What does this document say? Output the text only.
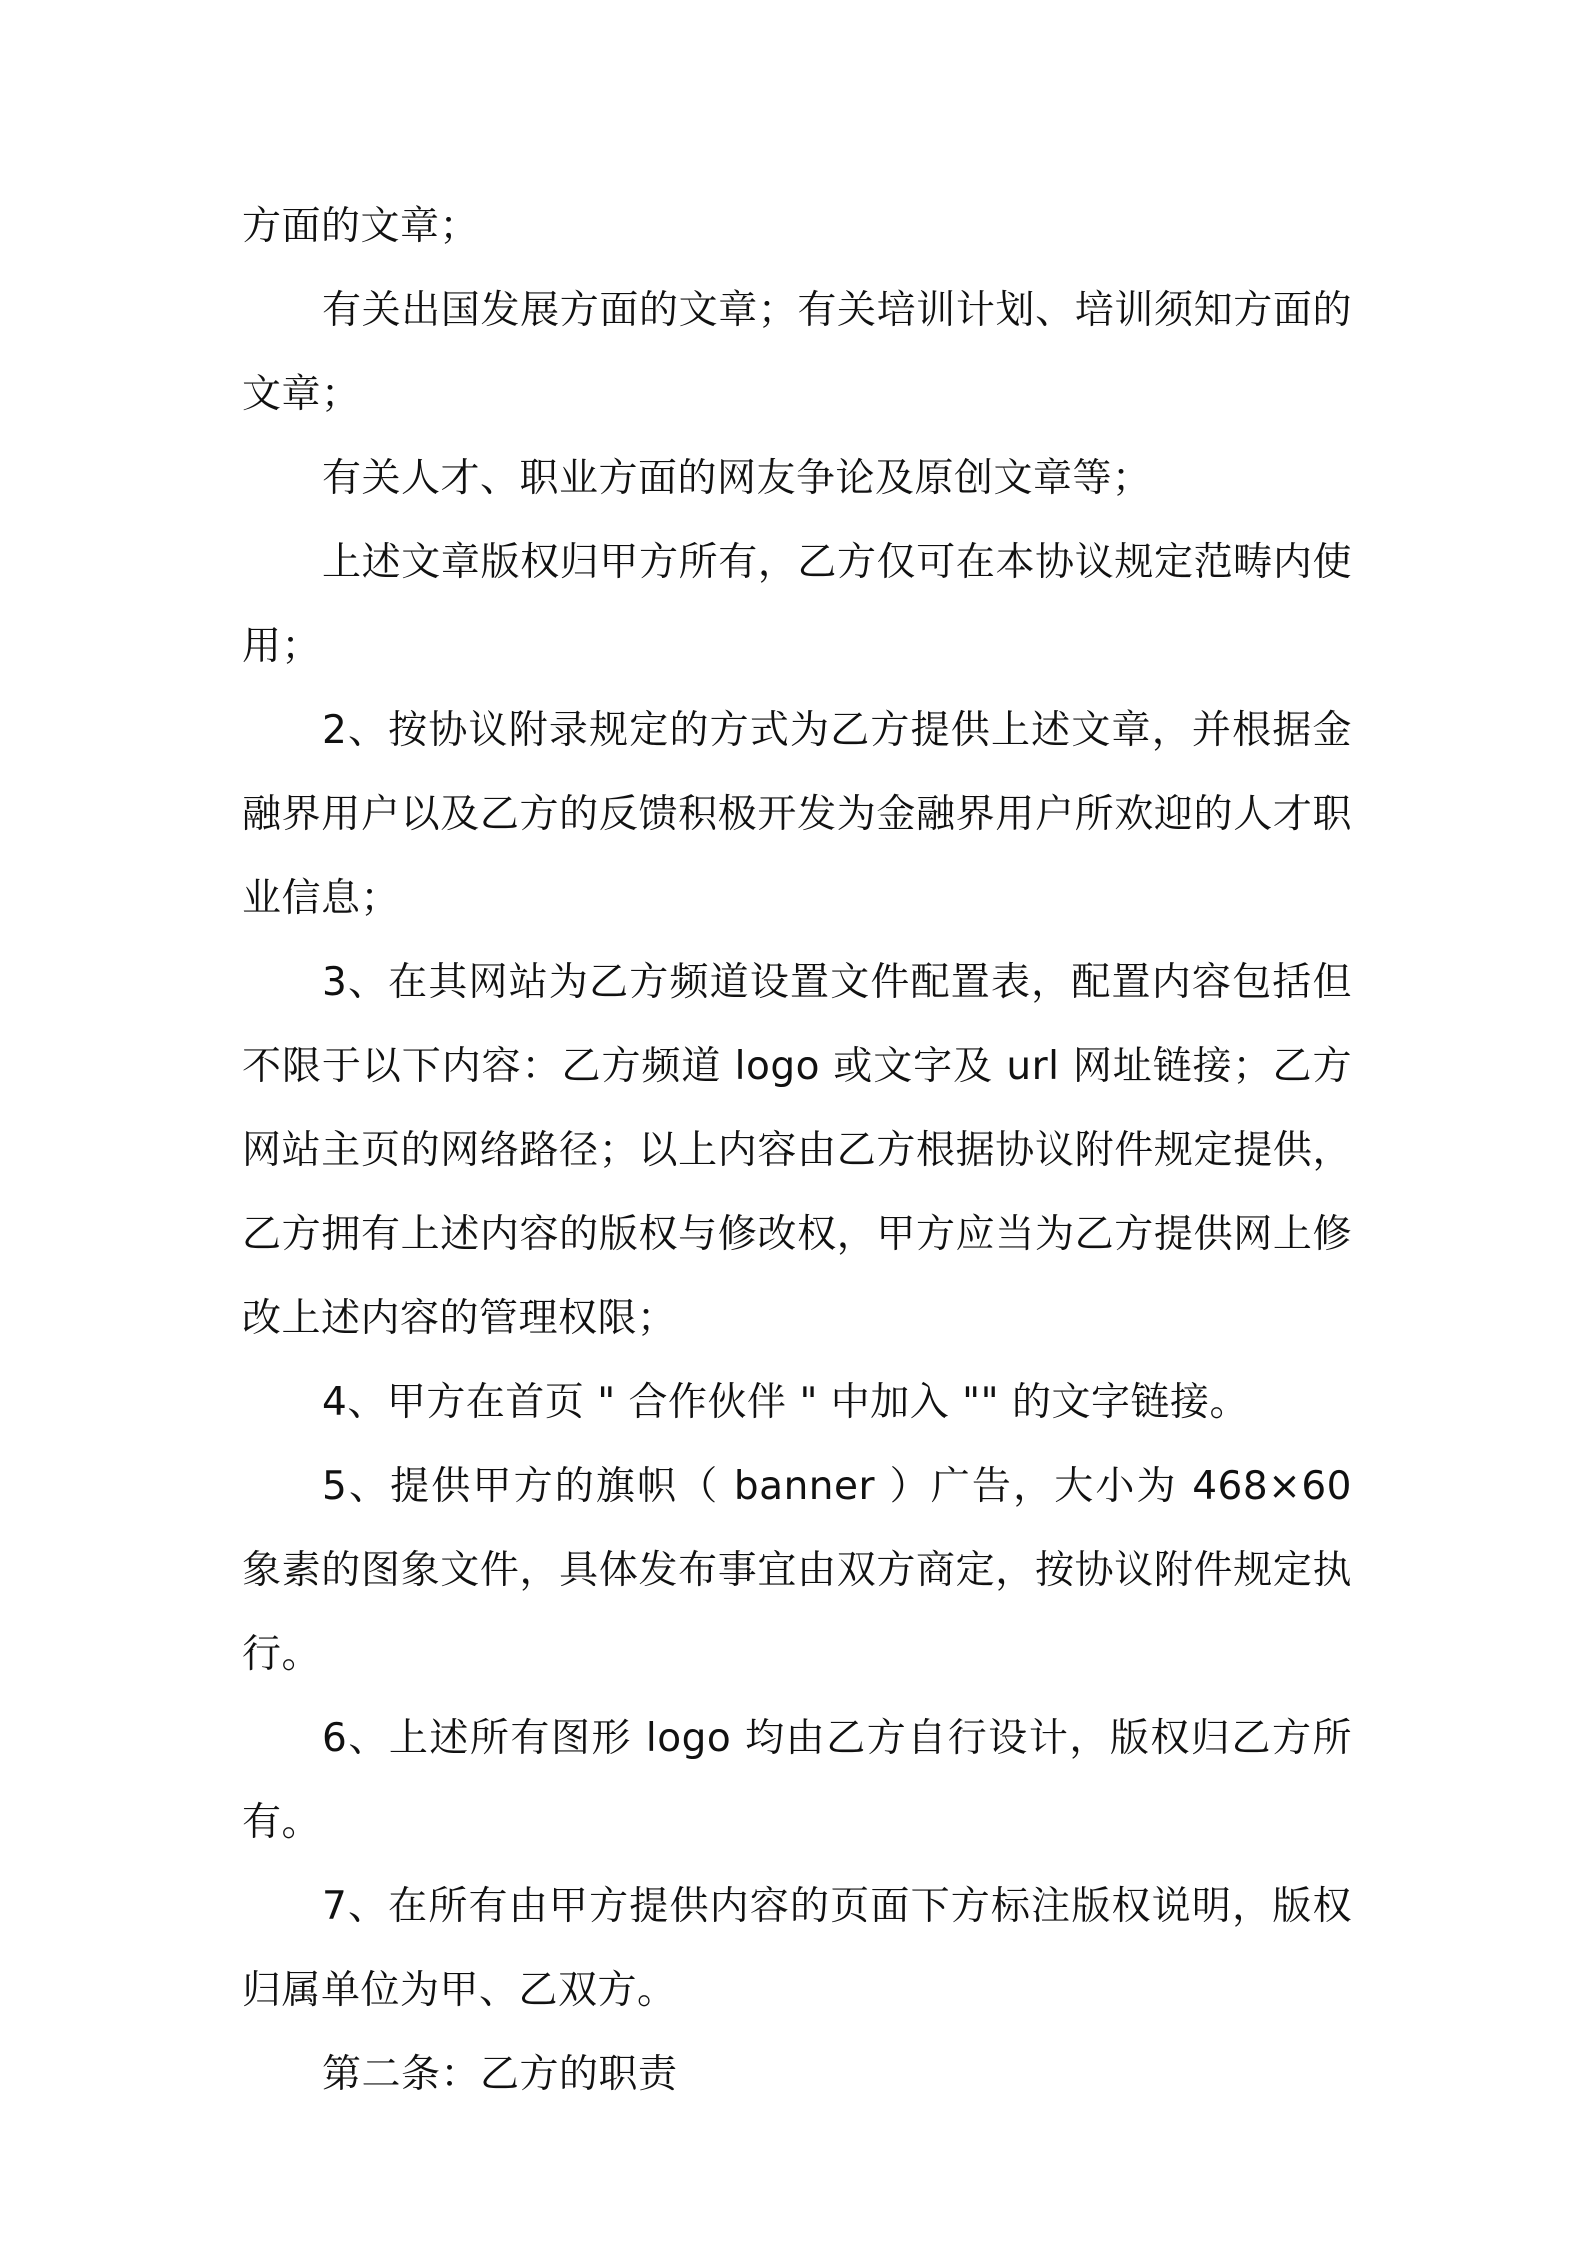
方面的文章；

有关出国发展方面的文章；有关培训计划、培训须知方面的文章；

有关人才、职业方面的网友争论及原创文章等；

上述文章版权归甲方所有，乙方仅可在本协议规定范畴内使用；

2、按协议附录规定的方式为乙方提供上述文章，并根据金融界用户以及乙方的反馈积极开发为金融界用户所欢迎的人才职业信息；

3、在其网站为乙方频道设置文件配置表，配置内容包括但不限于以下内容：乙方频道 logo 或文字及 url 网址链接；乙方网站主页的网络路径；以上内容由乙方根据协议附件规定提供，乙方拥有上述内容的版权与修改权，甲方应当为乙方提供网上修改上述内容的管理权限；

4、甲方在首页 " 合作伙伴 " 中加入 "" 的文字链接。

5、提供甲方的旗帜（ banner ）广告，大小为 468×60 象素的图象文件，具体发布事宜由双方商定，按协议附件规定执行。

6、上述所有图形 logo 均由乙方自行设计，版权归乙方所有。

7、在所有由甲方提供内容的页面下方标注版权说明，版权归属单位为甲、乙双方。

第二条：乙方的职责
